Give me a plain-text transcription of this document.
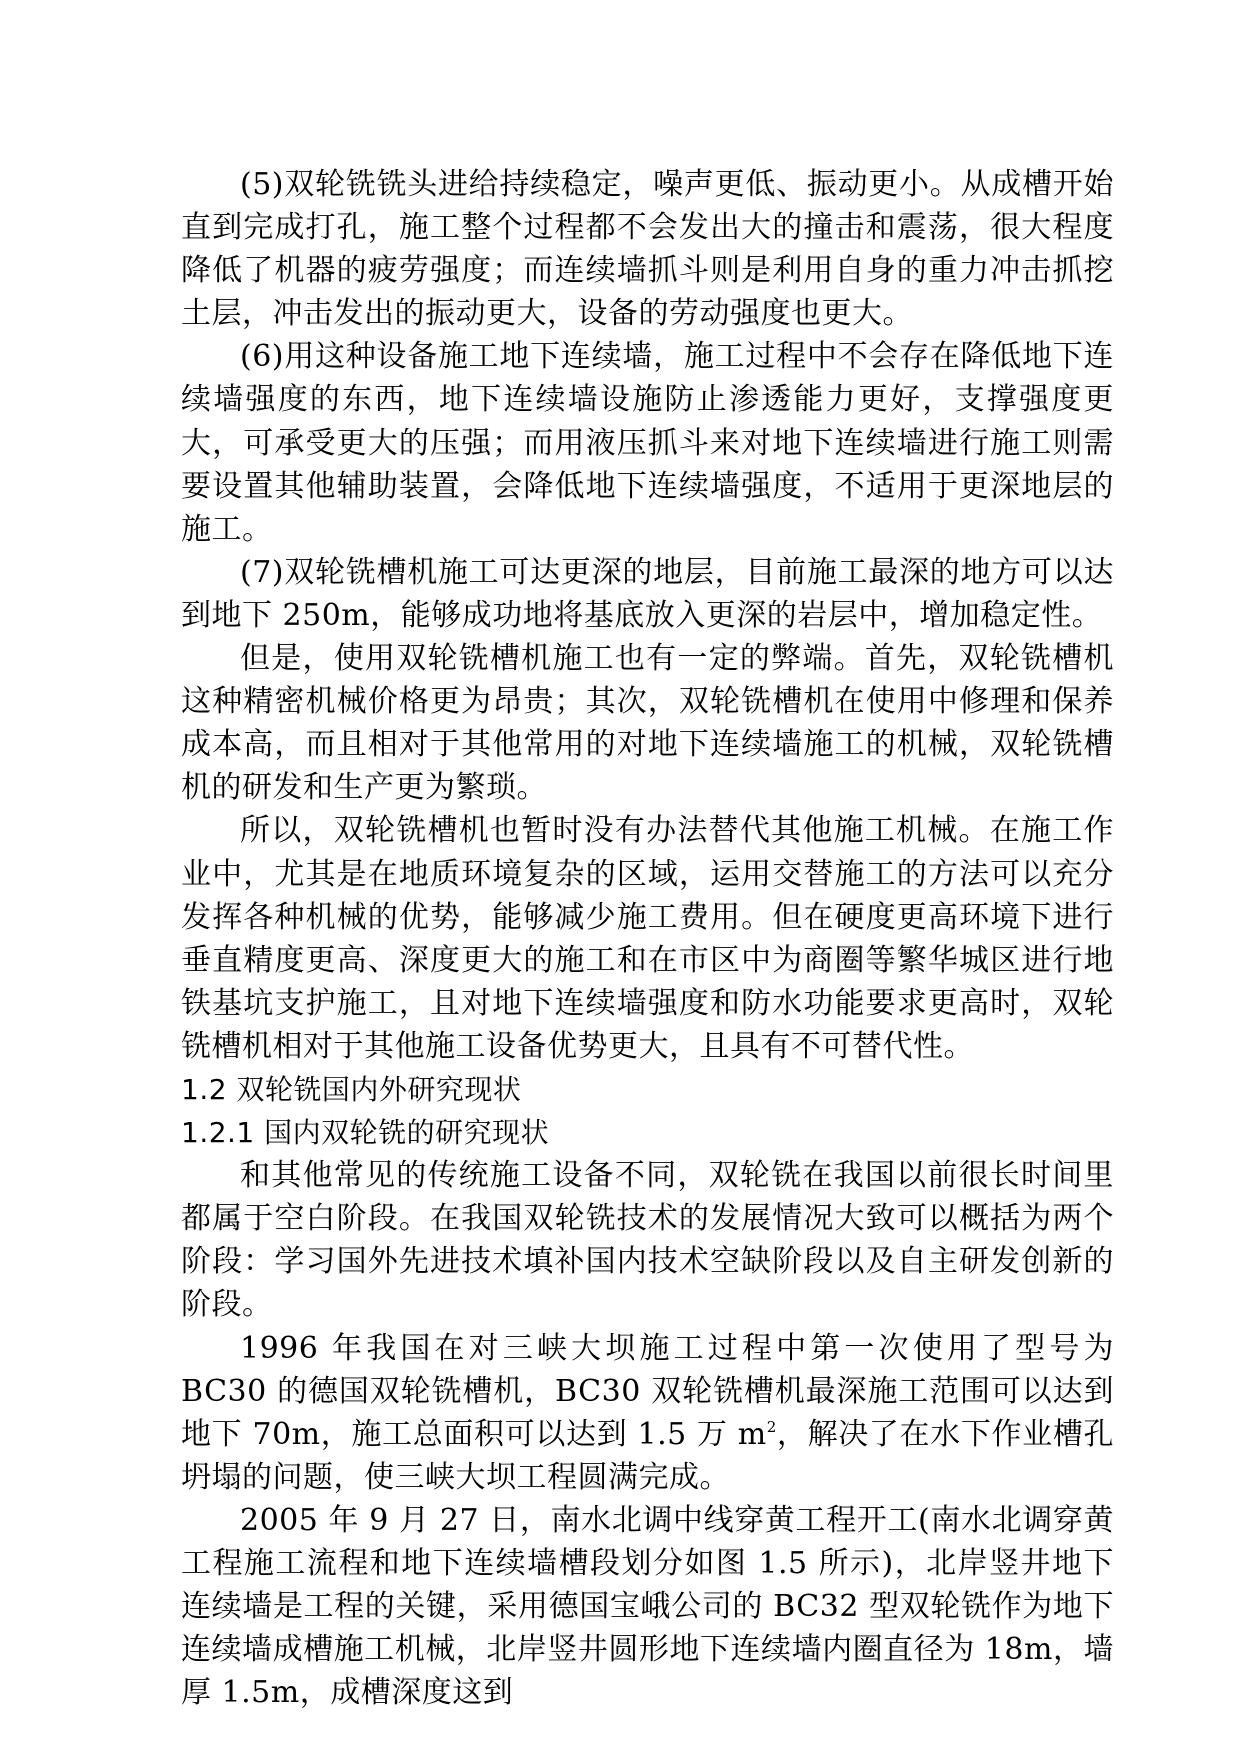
(5)双轮铣铣头进给持续稳定，噪声更低、振动更小。从成槽开始直到完成打孔，施工整个过程都不会发出大的撞击和震荡，很大程度降低了机器的疲劳强度；而连续墙抓斗则是利用自身的重力冲击抓挖土层，冲击发出的振动更大，设备的劳动强度也更大。

(6)用这种设备施工地下连续墙，施工过程中不会存在降低地下连续墙强度的东西，地下连续墙设施防止渗透能力更好，支撑强度更大，可承受更大的压强；而用液压抓斗来对地下连续墙进行施工则需要设置其他辅助装置，会降低地下连续墙强度，不适用于更深地层的施工。

(7)双轮铣槽机施工可达更深的地层，目前施工最深的地方可以达到地下 250m，能够成功地将基底放入更深的岩层中，增加稳定性。

但是，使用双轮铣槽机施工也有一定的弊端。首先，双轮铣槽机这种精密机械价格更为昂贵；其次，双轮铣槽机在使用中修理和保养成本高，而且相对于其他常用的对地下连续墙施工的机械，双轮铣槽机的研发和生产更为繁琐。

所以，双轮铣槽机也暂时没有办法替代其他施工机械。在施工作业中，尤其是在地质环境复杂的区域，运用交替施工的方法可以充分发挥各种机械的优势，能够减少施工费用。但在硬度更高环境下进行垂直精度更高、深度更大的施工和在市区中为商圈等繁华城区进行地铁基坑支护施工，且对地下连续墙强度和防水功能要求更高时，双轮铣槽机相对于其他施工设备优势更大，且具有不可替代性。

1.2 双轮铣国内外研究现状

1.2.1 国内双轮铣的研究现状

和其他常见的传统施工设备不同，双轮铣在我国以前很长时间里都属于空白阶段。在我国双轮铣技术的发展情况大致可以概括为两个阶段：学习国外先进技术填补国内技术空缺阶段以及自主研发创新的阶段。

1996 年我国在对三峡大坝施工过程中第一次使用了型号为 BC30 的德国双轮铣槽机，BC30 双轮铣槽机最深施工范围可以达到地下 70m，施工总面积可以达到 1.5 万 $m^2$，解决了在水下作业槽孔坍塌的问题，使三峡大坝工程圆满完成。

2005 年 9 月 27 日，南水北调中线穿黄工程开工(南水北调穿黄工程施工流程和地下连续墙槽段划分如图 1.5 所示)，北岸竖井地下连续墙是工程的关键，采用德国宝峨公司的 BC32 型双轮铣作为地下连续墙成槽施工机械，北岸竖井圆形地下连续墙内圈直径为 18m，墙厚 1.5m，成槽深度这到
